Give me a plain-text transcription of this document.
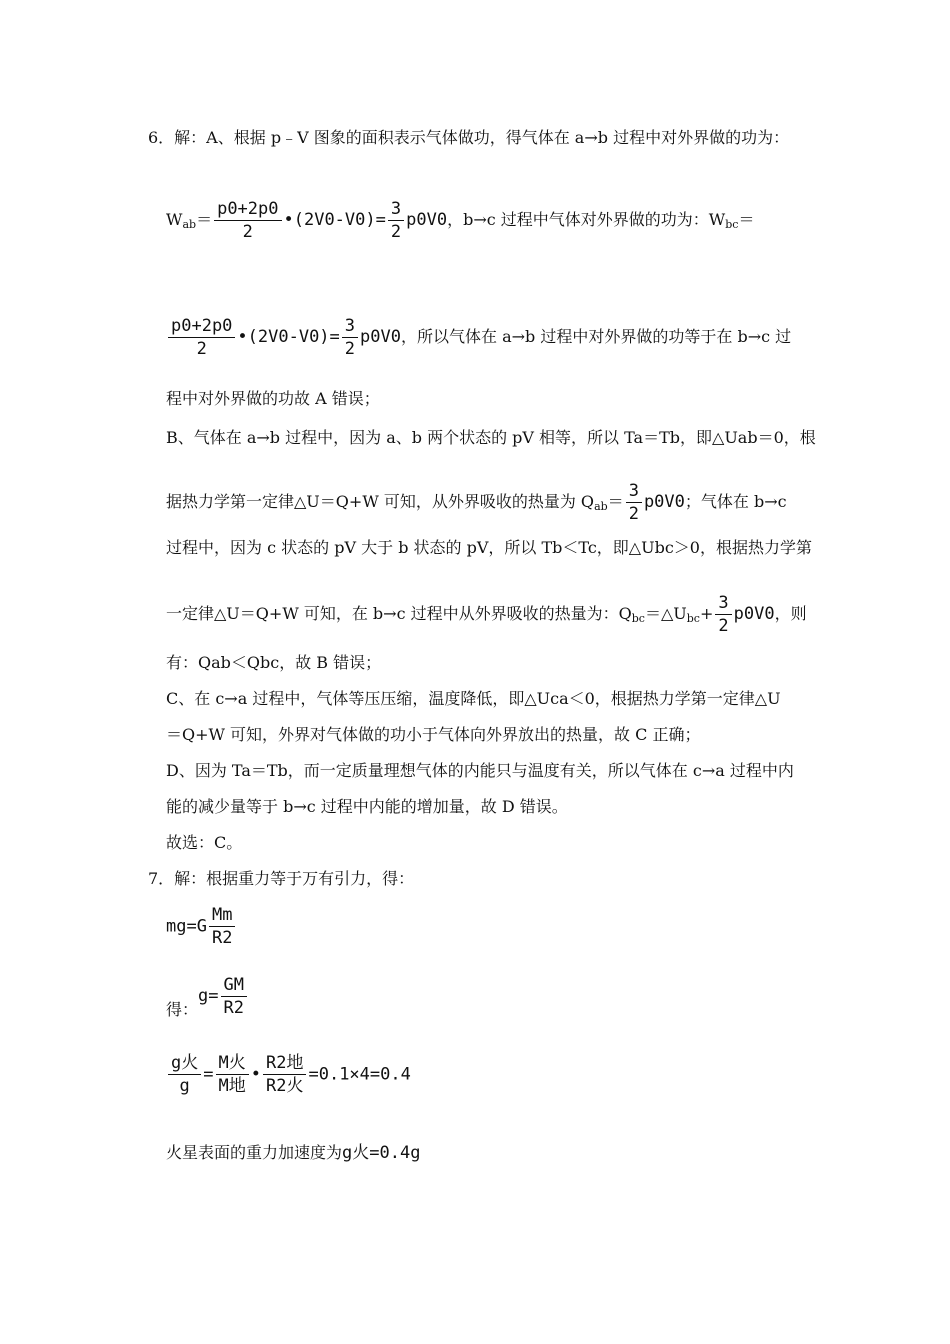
6．解：A、根据 p﹣V 图象的面积表示气体做功，得气体在 a→b 过程中对外界做的功为：
$W_{ab}= \frac{p0+2p0}{2}$ •(2V0-V0)= $\frac{3}{2} p0V0$，b→c 过程中气体对外界做的功为：$W_{bc}=$
$\frac{p0+2p0}{2}$ •(2V0-V0)= $\frac{3}{2} p0V0$，所以气体在 a→b 过程中对外界做的功等于在 b→c 过
程中对外界做的功故 A 错误；
B、气体在 a→b 过程中，因为 a、b 两个状态的 pV 相等，所以 Ta＝Tb，即△Uab＝0，根
据热力学第一定律△U＝Q+W 可知，从外界吸收的热量为 $Q_{ab}= \frac{3}{2} p0V0$；气体在 b→c
过程中，因为 c 状态的 pV 大于 b 状态的 pV，所以 Tb＜Tc，即△Ubc＞0，根据热力学第
一定律△U＝Q+W 可知，在 b→c 过程中从外界吸收的热量为：$Q_{bc}=\triangle U_{bc}+ \frac{3}{2} p0V0$，则
有：Qab＜Qbc，故 B 错误；
C、在 c→a 过程中，气体等压压缩，温度降低，即△Uca＜0，根据热力学第一定律△U
＝Q+W 可知，外界对气体做的功小于气体向外界放出的热量，故 C 正确；
D、因为 Ta＝Tb，而一定质量理想气体的内能只与温度有关，所以气体在 c→a 过程中内
能的减少量等于 b→c 过程中内能的增加量，故 D 错误。
故选：C。
7．解：根据重力等于万有引力，得：
$mg=G \frac{Mm}{R2}$
得：$g= \frac{GM}{R2}$
$\frac{\text{g火}}{g} = \frac{\text{M火}}{\text{M地}}$ • $\frac{\text{R2地}}{\text{R2火}} =0.1\times 4=0.4$
火星表面的重力加速度为g火=0.4g
